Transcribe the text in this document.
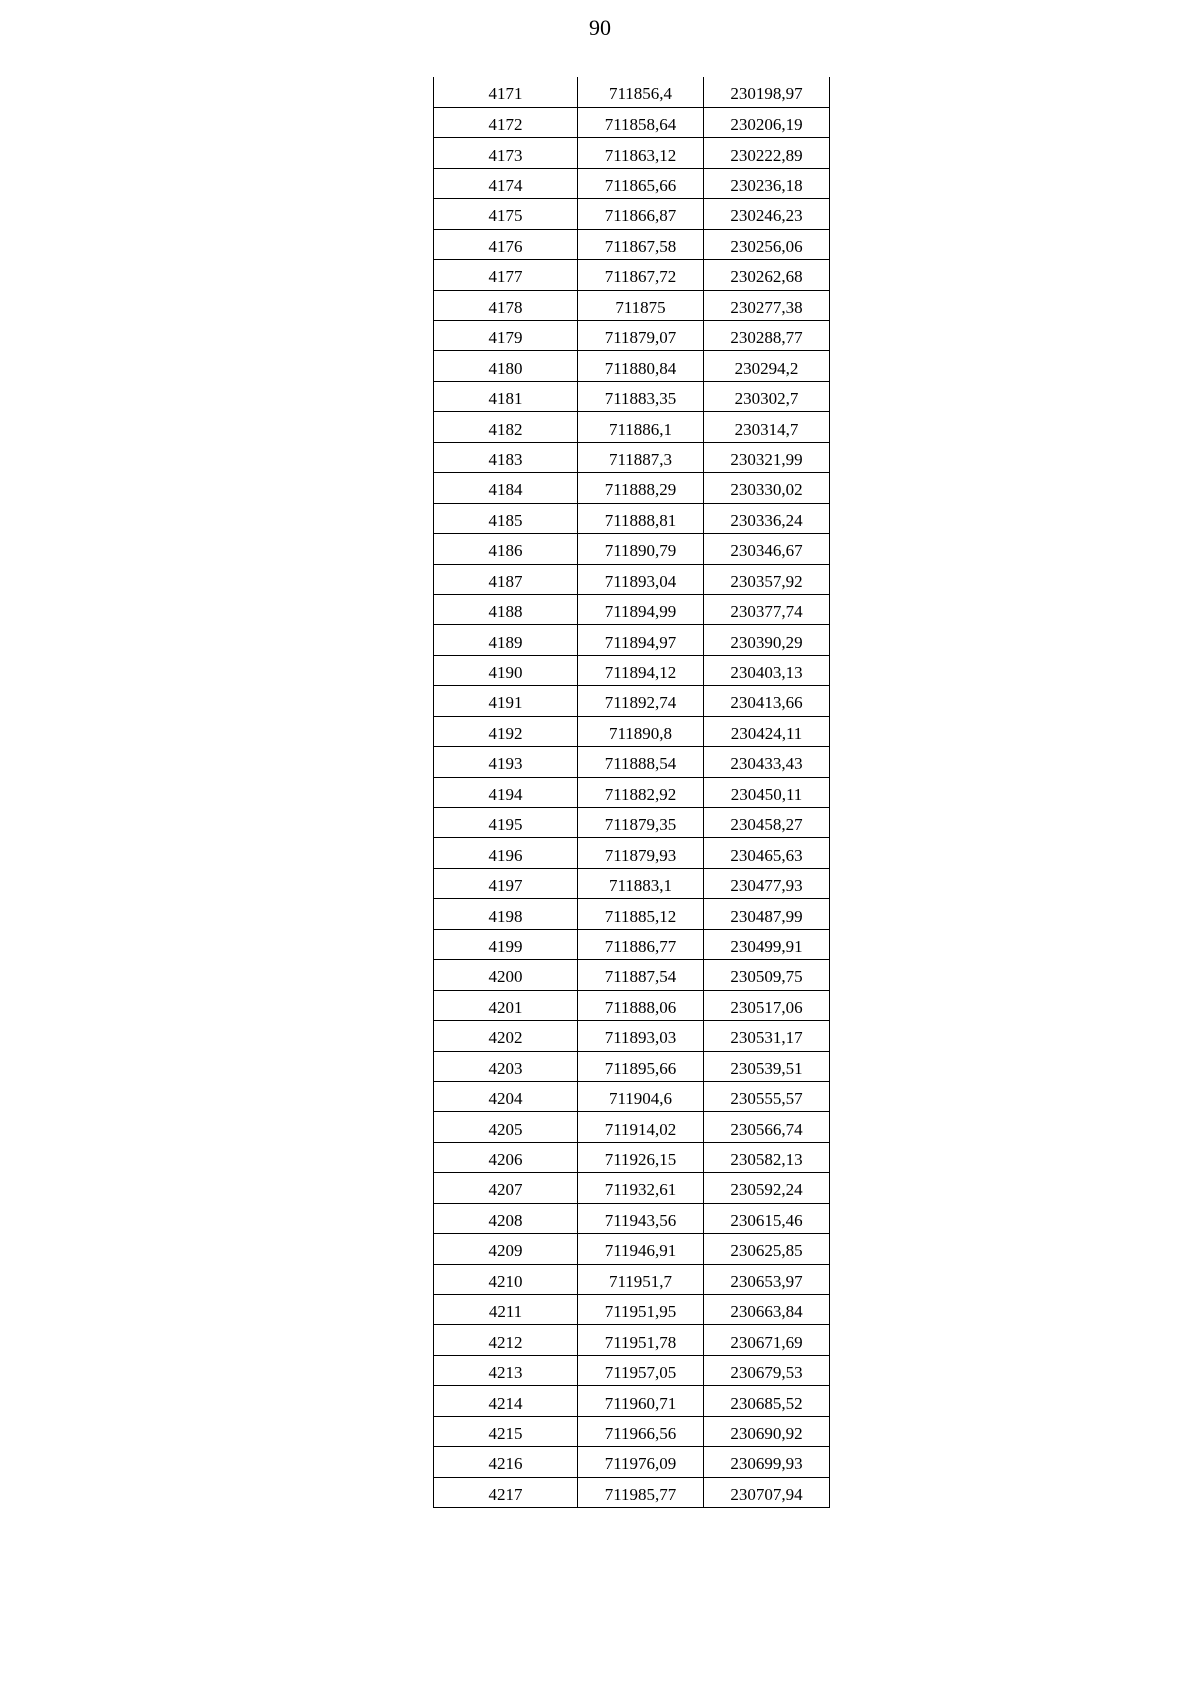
90
4171	711856,4	230198,97
4172	711858,64	230206,19
4173	711863,12	230222,89
4174	711865,66	230236,18
4175	711866,87	230246,23
4176	711867,58	230256,06
4177	711867,72	230262,68
4178	711875	230277,38
4179	711879,07	230288,77
4180	711880,84	230294,2
4181	711883,35	230302,7
4182	711886,1	230314,7
4183	711887,3	230321,99
4184	711888,29	230330,02
4185	711888,81	230336,24
4186	711890,79	230346,67
4187	711893,04	230357,92
4188	711894,99	230377,74
4189	711894,97	230390,29
4190	711894,12	230403,13
4191	711892,74	230413,66
4192	711890,8	230424,11
4193	711888,54	230433,43
4194	711882,92	230450,11
4195	711879,35	230458,27
4196	711879,93	230465,63
4197	711883,1	230477,93
4198	711885,12	230487,99
4199	711886,77	230499,91
4200	711887,54	230509,75
4201	711888,06	230517,06
4202	711893,03	230531,17
4203	711895,66	230539,51
4204	711904,6	230555,57
4205	711914,02	230566,74
4206	711926,15	230582,13
4207	711932,61	230592,24
4208	711943,56	230615,46
4209	711946,91	230625,85
4210	711951,7	230653,97
4211	711951,95	230663,84
4212	711951,78	230671,69
4213	711957,05	230679,53
4214	711960,71	230685,52
4215	711966,56	230690,92
4216	711976,09	230699,93
4217	711985,77	230707,94
